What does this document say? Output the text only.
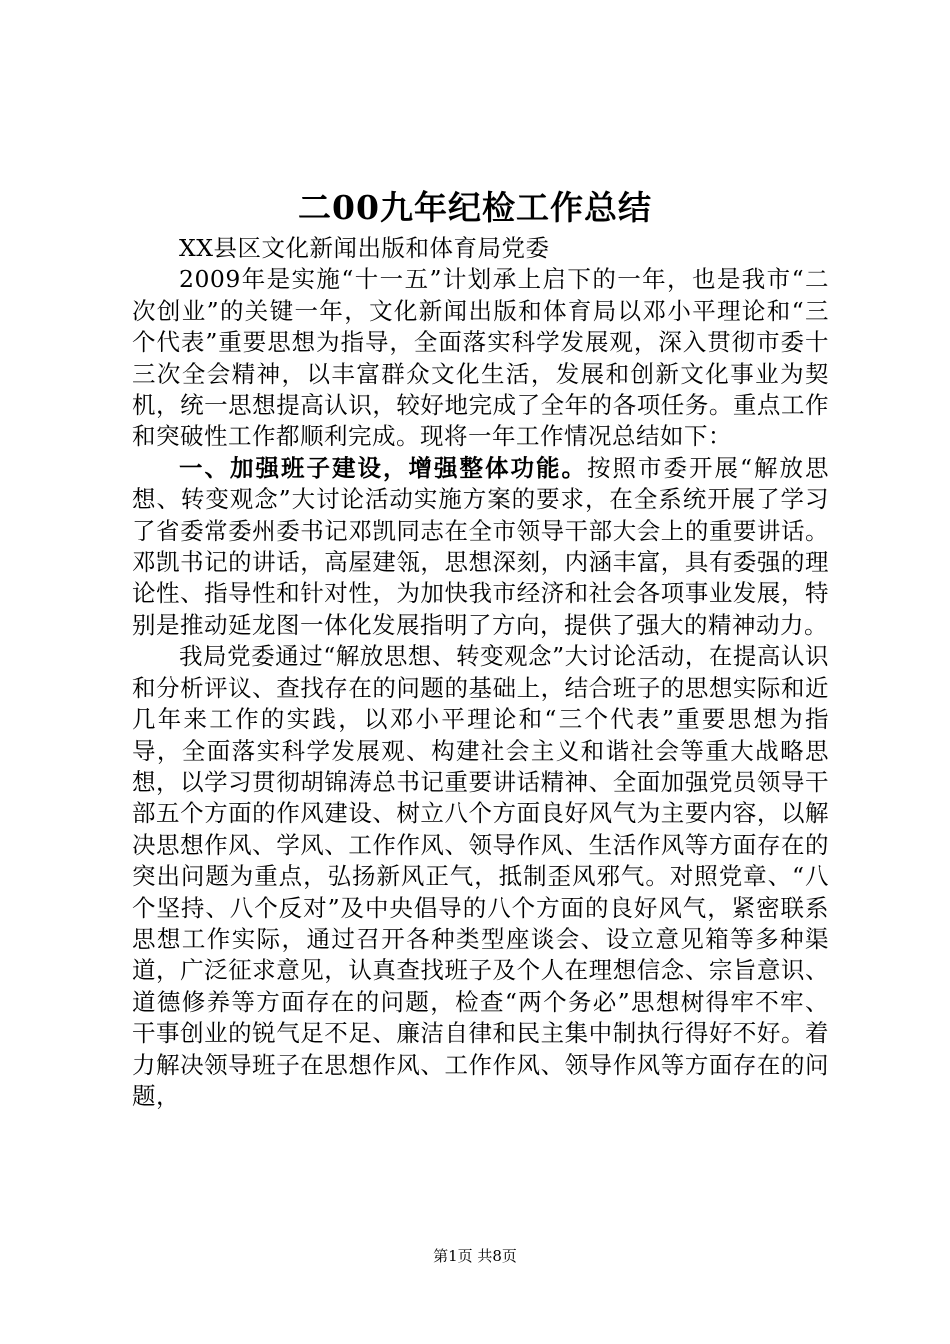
二00九年纪检工作总结

XX县区文化新闻出版和体育局党委

2009年是实施“十一五”计划承上启下的一年，也是我市“二次创业”的关键一年，文化新闻出版和体育局以邓小平理论和“三个代表”重要思想为指导，全面落实科学发展观，深入贯彻市委十三次全会精神，以丰富群众文化生活，发展和创新文化事业为契机，统一思想提高认识，较好地完成了全年的各项任务。重点工作和突破性工作都顺利完成。现将一年工作情况总结如下：

一、加强班子建设，增强整体功能。按照市委开展“解放思想、转变观念”大讨论活动实施方案的要求，在全系统开展了学习了省委常委州委书记邓凯同志在全市领导干部大会上的重要讲话。邓凯书记的讲话，高屋建瓴，思想深刻，内涵丰富，具有委强的理论性、指导性和针对性，为加快我市经济和社会各项事业发展，特别是推动延龙图一体化发展指明了方向，提供了强大的精神动力。

我局党委通过“解放思想、转变观念”大讨论活动，在提高认识和分析评议、查找存在的问题的基础上，结合班子的思想实际和近几年来工作的实践，以邓小平理论和“三个代表”重要思想为指导，全面落实科学发展观、构建社会主义和谐社会等重大战略思想，以学习贯彻胡锦涛总书记重要讲话精神、全面加强党员领导干部五个方面的作风建设、树立八个方面良好风气为主要内容，以解决思想作风、学风、工作作风、领导作风、生活作风等方面存在的突出问题为重点，弘扬新风正气，抵制歪风邪气。对照党章、“八个坚持、八个反对”及中央倡导的八个方面的良好风气，紧密联系思想工作实际，通过召开各种类型座谈会、设立意见箱等多种渠道，广泛征求意见，认真查找班子及个人在理想信念、宗旨意识、道德修养等方面存在的问题，检查“两个务必”思想树得牢不牢、干事创业的锐气足不足、廉洁自律和民主集中制执行得好不好。着力解决领导班子在思想作风、工作作风、领导作风等方面存在的问题，

第1页 共8页
